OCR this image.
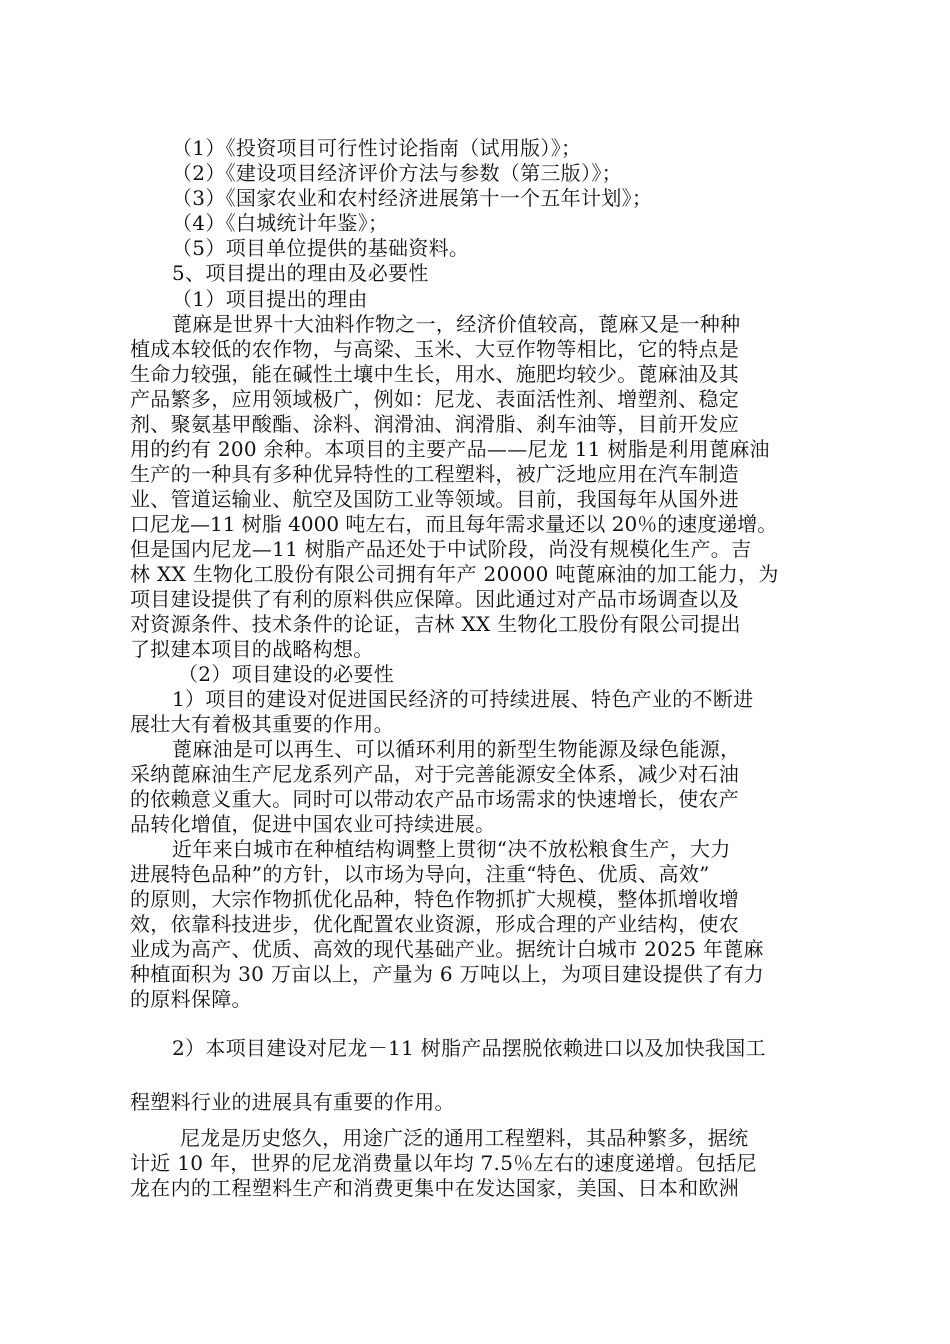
（1）《投资项目可行性讨论指南（试用版）》；
（2）《建设项目经济评价方法与参数（第三版）》；
（3）《国家农业和农村经济进展第十一个五年计划》；
（4）《白城统计年鉴》；
（5）项目单位提供的基础资料。
5、项目提出的理由及必要性
（1）项目提出的理由
蓖麻是世界十大油料作物之一，经济价值较高，蓖麻又是一种种
植成本较低的农作物，与高梁、玉米、大豆作物等相比，它的特点是
生命力较强，能在碱性土壤中生长，用水、施肥均较少。蓖麻油及其
产品繁多，应用领域极广，例如：尼龙、表面活性剂、增塑剂、稳定
剂、聚氨基甲酸酯、涂料、润滑油、润滑脂、刹车油等，目前开发应
用的约有 200 余种。本项目的主要产品——尼龙 11 树脂是利用蓖麻油
生产的一种具有多种优异特性的工程塑料，被广泛地应用在汽车制造
业、管道运输业、航空及国防工业等领域。目前，我国每年从国外进
口尼龙—11 树脂 4000 吨左右，而且每年需求量还以 20％的速度递增。
但是国内尼龙—11 树脂产品还处于中试阶段，尚没有规模化生产。吉
林 XX 生物化工股份有限公司拥有年产 20000 吨蓖麻油的加工能力，为
项目建设提供了有利的原料供应保障。因此通过对产品市场调查以及
对资源条件、技术条件的论证，吉林 XX 生物化工股份有限公司提出
了拟建本项目的战略构想。
（2）项目建设的必要性
1）项目的建设对促进国民经济的可持续进展、特色产业的不断进
展壮大有着极其重要的作用。
蓖麻油是可以再生、可以循环利用的新型生物能源及绿色能源，
采纳蓖麻油生产尼龙系列产品，对于完善能源安全体系，减少对石油
的依赖意义重大。同时可以带动农产品市场需求的快速增长，使农产
品转化增值，促进中国农业可持续进展。
近年来白城市在种植结构调整上贯彻“决不放松粮食生产，大力
进展特色品种”的方针，以市场为导向，注重“特色、优质、高效”
的原则，大宗作物抓优化品种，特色作物抓扩大规模，整体抓增收增
效，依靠科技进步，优化配置农业资源，形成合理的产业结构，使农
业成为高产、优质、高效的现代基础产业。据统计白城市 2025 年蓖麻
种植面积为 30 万亩以上，产量为 6 万吨以上，为项目建设提供了有力
的原料保障。
2）本项目建设对尼龙－11 树脂产品摆脱依赖进口以及加快我国工
程塑料行业的进展具有重要的作用。
尼龙是历史悠久，用途广泛的通用工程塑料，其品种繁多，据统
计近 10 年，世界的尼龙消费量以年均 7.5％左右的速度递增。包括尼
龙在内的工程塑料生产和消费更集中在发达国家，美国、日本和欧洲
